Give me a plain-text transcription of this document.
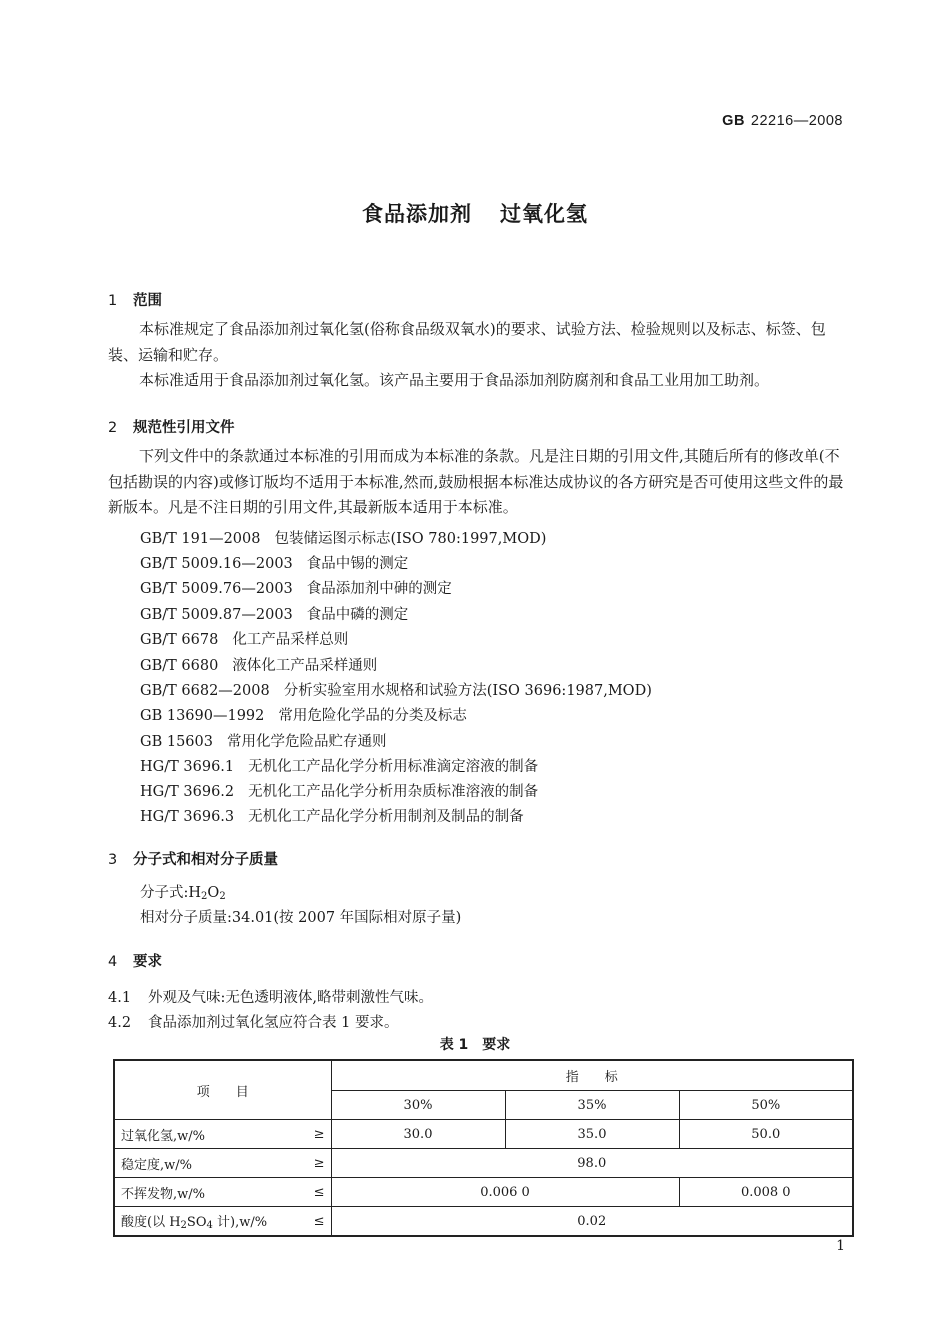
GB 22216—2008
食品添加剂 过氧化氢
1 范围
本标准规定了食品添加剂过氧化氢(俗称食品级双氧水)的要求、试验方法、检验规则以及标志、标签、包装、运输和贮存。
本标准适用于食品添加剂过氧化氢。该产品主要用于食品添加剂防腐剂和食品工业用加工助剂。
2 规范性引用文件
下列文件中的条款通过本标准的引用而成为本标准的条款。凡是注日期的引用文件,其随后所有的修改单(不包括勘误的内容)或修订版均不适用于本标准,然而,鼓励根据本标准达成协议的各方研究是否可使用这些文件的最新版本。凡是不注日期的引用文件,其最新版本适用于本标准。
GB/T 191—2008 包装储运图示标志(ISO 780:1997,MOD)
GB/T 5009.16—2003 食品中锡的测定
GB/T 5009.76—2003 食品添加剂中砷的测定
GB/T 5009.87—2003 食品中磷的测定
GB/T 6678 化工产品采样总则
GB/T 6680 液体化工产品采样通则
GB/T 6682—2008 分析实验室用水规格和试验方法(ISO 3696:1987,MOD)
GB 13690—1992 常用危险化学品的分类及标志
GB 15603 常用化学危险品贮存通则
HG/T 3696.1 无机化工产品化学分析用标准滴定溶液的制备
HG/T 3696.2 无机化工产品化学分析用杂质标准溶液的制备
HG/T 3696.3 无机化工产品化学分析用制剂及制品的制备
3 分子式和相对分子质量
分子式$:H_2O_2$
相对分子质量:34.01(按 2007 年国际相对原子量)
4 要求
4.1 外观及气味:无色透明液体,略带刺激性气味。
4.2 食品添加剂过氧化氢应符合表 1 要求。
表 1　要求
项　　目	指　　标		
	30%	35%	50%

过氧化氢,w/% ≥	30.0	35.0	50.0

稳定度,w/% ≥	98.0		

不挥发物,w/% ≤	0.006 0		0.008 0

酸度(以 $H_2SO_4$ 计),w/% ≤	0.02		
1
